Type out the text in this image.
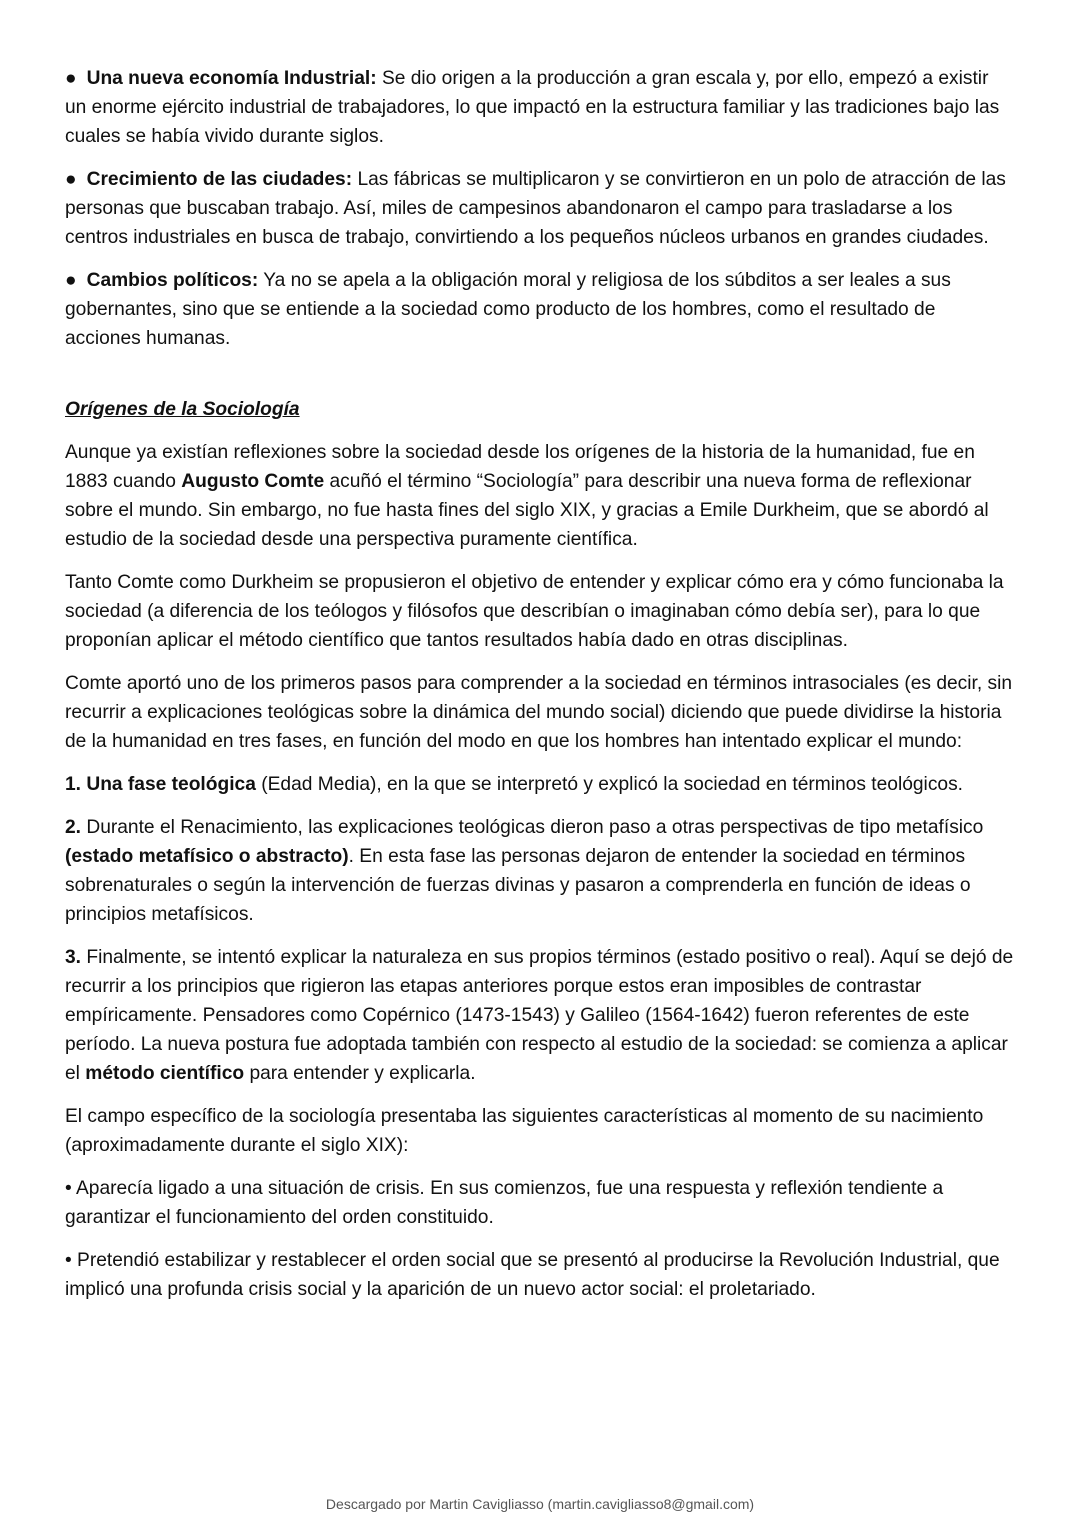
● Una nueva economía Industrial: Se dio origen a la producción a gran escala y, por ello, empezó a existir un enorme ejército industrial de trabajadores, lo que impactó en la estructura familiar y las tradiciones bajo las cuales se había vivido durante siglos.

● Crecimiento de las ciudades: Las fábricas se multiplicaron y se convirtieron en un polo de atracción de las personas que buscaban trabajo. Así, miles de campesinos abandonaron el campo para trasladarse a los centros industriales en busca de trabajo, convirtiendo a los pequeños núcleos urbanos en grandes ciudades.

● Cambios políticos: Ya no se apela a la obligación moral y religiosa de los súbditos a ser leales a sus gobernantes, sino que se entiende a la sociedad como producto de los hombres, como el resultado de acciones humanas.

Orígenes de la Sociología

Aunque ya existían reflexiones sobre la sociedad desde los orígenes de la historia de la humanidad, fue en 1883 cuando Augusto Comte acuñó el término “Sociología” para describir una nueva forma de reflexionar sobre el mundo. Sin embargo, no fue hasta fines del siglo XIX, y gracias a Emile Durkheim, que se abordó al estudio de la sociedad desde una perspectiva puramente científica.

Tanto Comte como Durkheim se propusieron el objetivo de entender y explicar cómo era y cómo funcionaba la sociedad (a diferencia de los teólogos y filósofos que describían o imaginaban cómo debía ser), para lo que proponían aplicar el método científico que tantos resultados había dado en otras disciplinas.

Comte aportó uno de los primeros pasos para comprender a la sociedad en términos intrasociales (es decir, sin recurrir a explicaciones teológicas sobre la dinámica del mundo social) diciendo que puede dividirse la historia de la humanidad en tres fases, en función del modo en que los hombres han intentado explicar el mundo:

1. Una fase teológica (Edad Media), en la que se interpretó y explicó la sociedad en términos teológicos.

2. Durante el Renacimiento, las explicaciones teológicas dieron paso a otras perspectivas de tipo metafísico (estado metafísico o abstracto). En esta fase las personas dejaron de entender la sociedad en términos sobrenaturales o según la intervención de fuerzas divinas y pasaron a comprenderla en función de ideas o principios metafísicos.

3. Finalmente, se intentó explicar la naturaleza en sus propios términos (estado positivo o real). Aquí se dejó de recurrir a los principios que rigieron las etapas anteriores porque estos eran imposibles de contrastar empíricamente. Pensadores como Copérnico (1473-1543) y Galileo (1564-1642) fueron referentes de este período. La nueva postura fue adoptada también con respecto al estudio de la sociedad: se comienza a aplicar el método científico para entender y explicarla.

El campo específico de la sociología presentaba las siguientes características al momento de su nacimiento (aproximadamente durante el siglo XIX):

• Aparecía ligado a una situación de crisis. En sus comienzos, fue una respuesta y reflexión tendiente a garantizar el funcionamiento del orden constituido.

• Pretendió estabilizar y restablecer el orden social que se presentó al producirse la Revolución Industrial, que implicó una profunda crisis social y la aparición de un nuevo actor social: el proletariado.

Descargado por Martin Cavigliasso (martin.cavigliasso8@gmail.com)
